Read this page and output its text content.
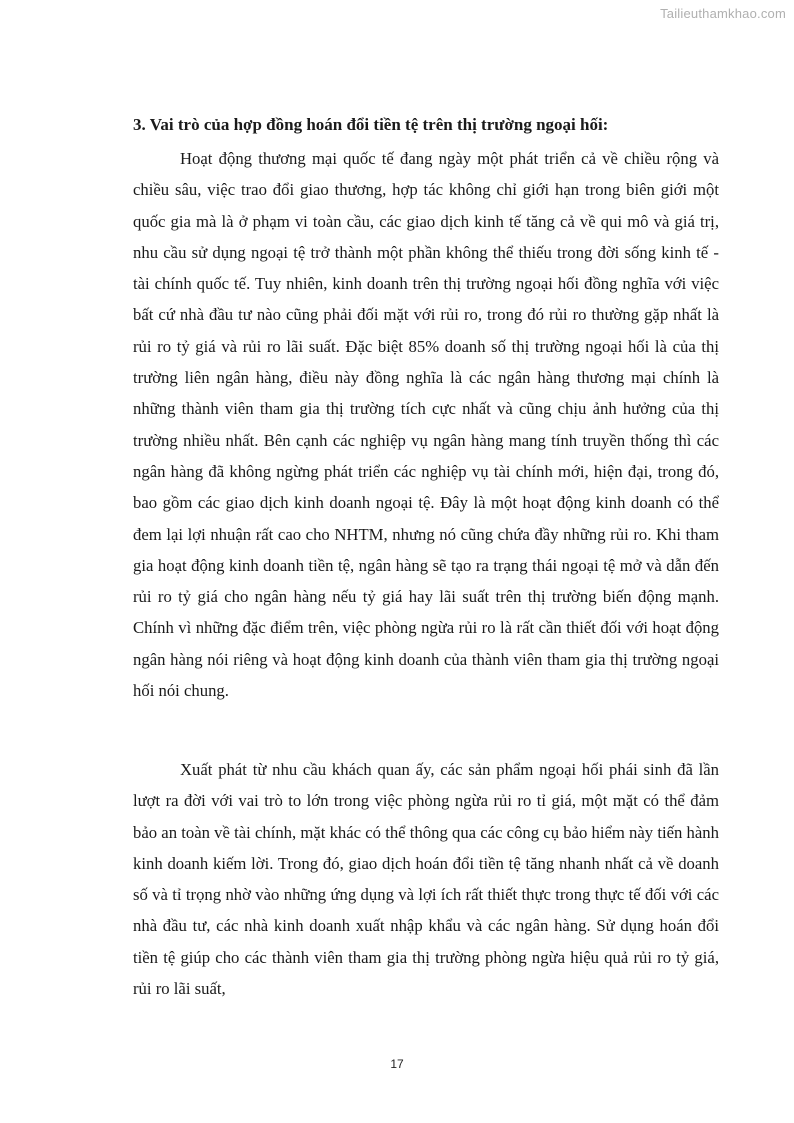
Tailieuthamkhao.com
3. Vai trò của hợp đồng hoán đổi tiền tệ trên thị trường ngoại hối:

Hoạt động thương mại quốc tế đang ngày một phát triển cả về chiều rộng và chiều sâu, việc trao đổi giao thương, hợp tác không chỉ giới hạn trong biên giới một quốc gia mà là ở phạm vi toàn cầu, các giao dịch kinh tế tăng cả về qui mô và giá trị, nhu cầu sử dụng ngoại tệ trở thành một phần không thể thiếu trong đời sống kinh tế - tài chính quốc tế. Tuy nhiên, kinh doanh trên thị trường ngoại hối đồng nghĩa với việc bất cứ nhà đầu tư nào cũng phải đối mặt với rủi ro, trong đó rủi ro thường gặp nhất là rủi ro tỷ giá và rủi ro lãi suất. Đặc biệt 85% doanh số thị trường ngoại hối là của thị trường liên ngân hàng, điều này đồng nghĩa là các ngân hàng thương mại chính là những thành viên tham gia thị trường tích cực nhất và cũng chịu ảnh hưởng của thị trường nhiều nhất. Bên cạnh các nghiệp vụ ngân hàng mang tính truyền thống thì các ngân hàng đã không ngừng phát triển các nghiệp vụ tài chính mới, hiện đại, trong đó, bao gồm các giao dịch kinh doanh ngoại tệ. Đây là một hoạt động kinh doanh có thể đem lại lợi nhuận rất cao cho NHTM, nhưng nó cũng chứa đầy những rủi ro. Khi tham gia hoạt động kinh doanh tiền tệ, ngân hàng sẽ tạo ra trạng thái ngoại tệ mở và dẫn đến rủi ro tỷ giá cho ngân hàng nếu tỷ giá hay lãi suất trên thị trường biến động mạnh. Chính vì những đặc điểm trên, việc phòng ngừa rủi ro là rất cần thiết đối với hoạt động ngân hàng nói riêng và hoạt động kinh doanh của thành viên tham gia thị trường ngoại hối nói chung.

Xuất phát từ nhu cầu khách quan ấy, các sản phẩm ngoại hối phái sinh đã lần lượt ra đời với vai trò to lớn trong việc phòng ngừa rủi ro tỉ giá, một mặt có thể đảm bảo an toàn về tài chính, mặt khác có thể thông qua các công cụ bảo hiểm này tiến hành kinh doanh kiếm lời. Trong đó, giao dịch hoán đổi tiền tệ tăng nhanh nhất cả về doanh số và tỉ trọng nhờ vào những ứng dụng và lợi ích rất thiết thực trong thực tế đối với các nhà đầu tư, các nhà kinh doanh xuất nhập khẩu và các ngân hàng. Sử dụng hoán đổi tiền tệ giúp cho các thành viên tham gia thị trường phòng ngừa hiệu quả rủi ro tỷ giá, rủi ro lãi suất,

17
